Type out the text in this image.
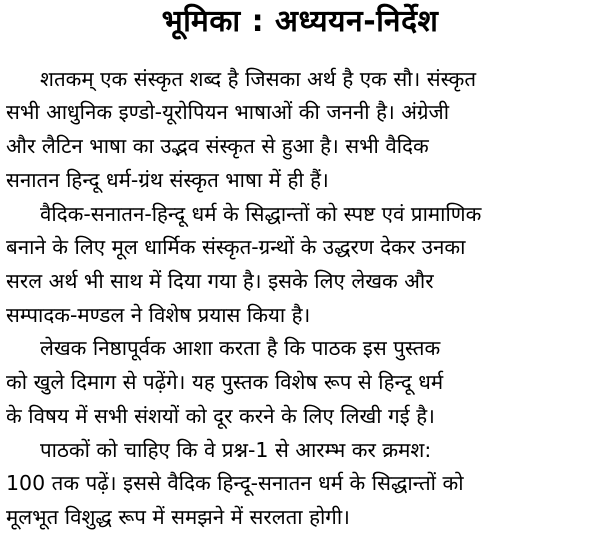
भूमिका : अध्ययन-निर्देश
शतकम् एक संस्कृत शब्द है जिसका अर्थ है एक सौ। संस्कृत
सभी आधुनिक इण्डो-यूरोपियन भाषाओं की जननी है। अंग्रेजी
और लैटिन भाषा का उद्भव संस्कृत से हुआ है। सभी वैदिक
सनातन हिन्दू धर्म-ग्रंथ संस्कृत भाषा में ही हैं।
वैदिक-सनातन-हिन्दू धर्म के सिद्धान्तों को स्पष्ट एवं प्रामाणिक
बनाने के लिए मूल धार्मिक संस्कृत-ग्रन्थों के उद्धरण देकर उनका
सरल अर्थ भी साथ में दिया गया है। इसके लिए लेखक और
सम्पादक-मण्डल ने विशेष प्रयास किया है।
लेखक निष्ठापूर्वक आशा करता है कि पाठक इस पुस्तक
को खुले दिमाग से पढ़ेंगे। यह पुस्तक विशेष रूप से हिन्दू धर्म
के विषय में सभी संशयों को दूर करने के लिए लिखी गई है।
पाठकों को चाहिए कि वे प्रश्न-1 से आरम्भ कर क्रमश:
100 तक पढ़ें। इससे वैदिक हिन्दू-सनातन धर्म के सिद्धान्तों को
मूलभूत विशुद्ध रूप में समझने में सरलता होगी।
